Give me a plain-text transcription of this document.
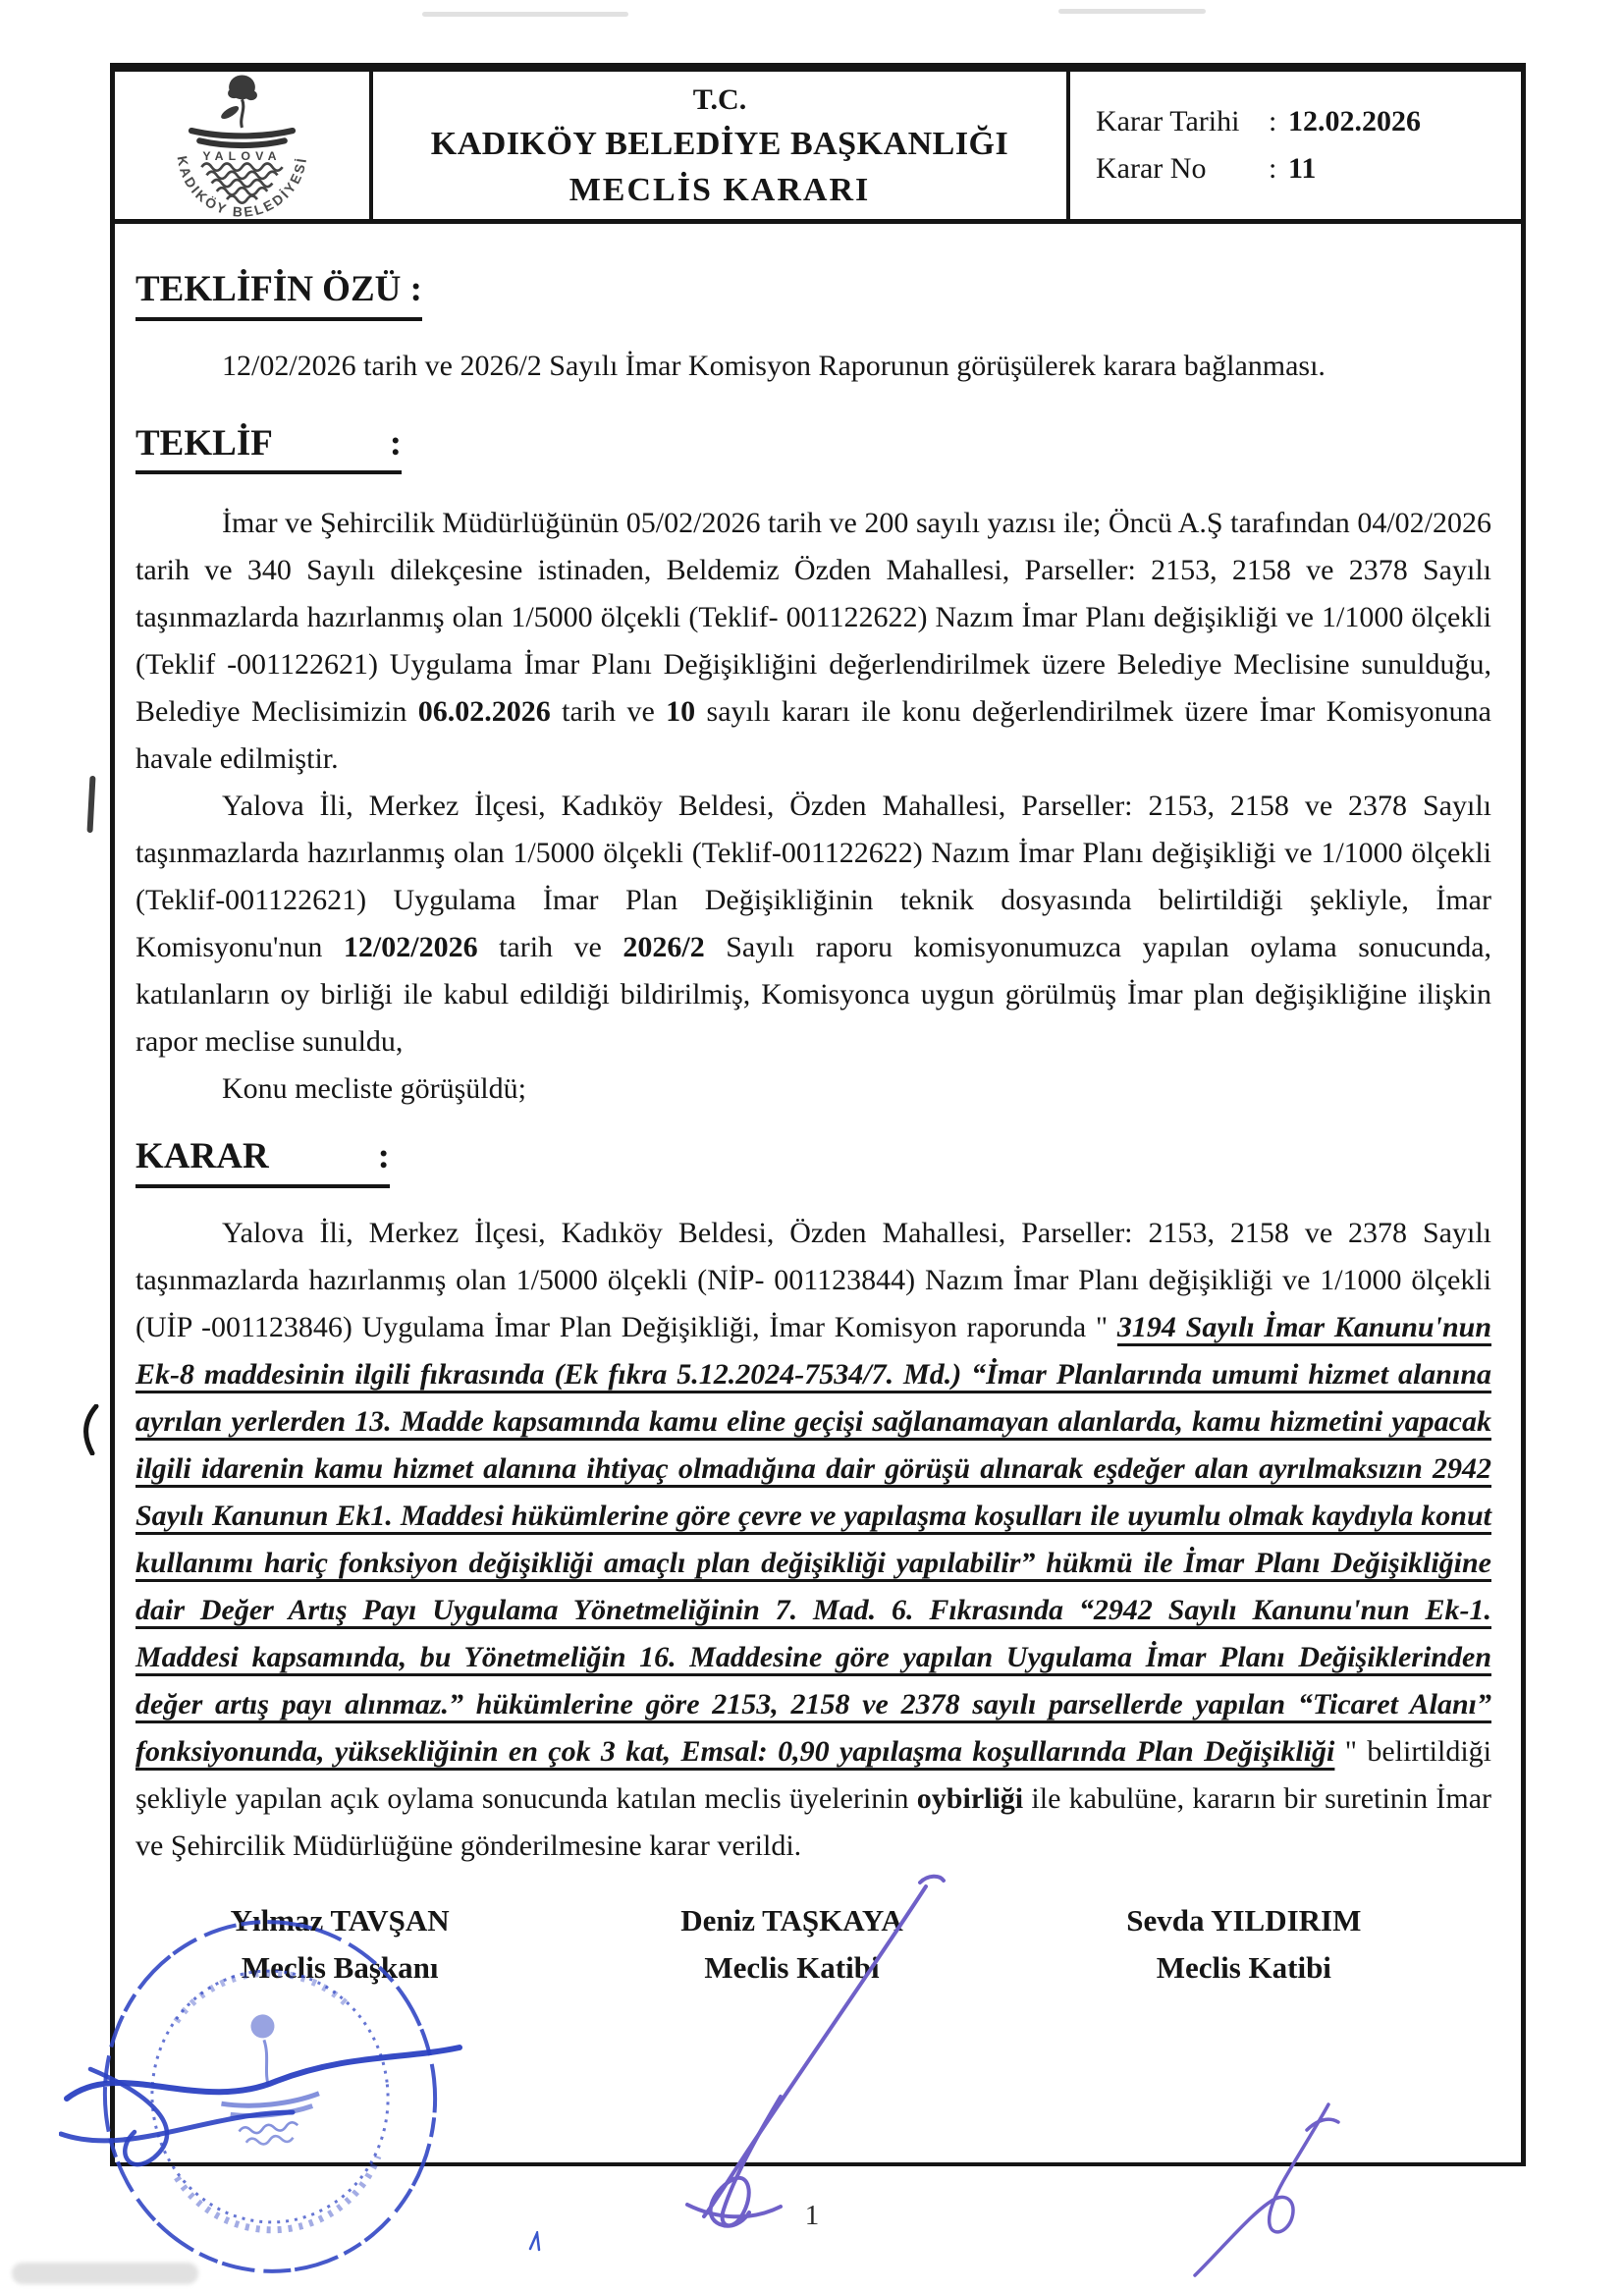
YALOVA
KADIKÖY BELEDİYESİ
T.C.
KADIKÖY BELEDİYE BAŞKANLIĞI
MECLİS KARARI
Karar Tarihi : 12.02.2026
Karar No	: 11
TEKLİFİN ÖZÜ :

12/02/2026 tarih ve 2026/2 Sayılı İmar Komisyon Raporunun görüşülerek karara bağlanması.

TEKLİF             :

İmar ve Şehircilik Müdürlüğünün 05/02/2026 tarih ve 200 sayılı yazısı ile; Öncü A.Ş tarafından 04/02/2026 tarih ve 340 Sayılı dilekçesine istinaden, Beldemiz Özden Mahallesi, Parseller: 2153, 2158 ve 2378 Sayılı taşınmazlarda hazırlanmış olan 1/5000 ölçekli (Teklif- 001122622) Nazım İmar Planı değişikliği ve 1/1000 ölçekli (Teklif -001122621) Uygulama İmar Planı Değişikliğini değerlendirilmek üzere Belediye Meclisine sunulduğu, Belediye Meclisimizin 06.02.2026 tarih ve 10 sayılı kararı ile konu değerlendirilmek üzere İmar Komisyonuna havale edilmiştir.

Yalova İli, Merkez İlçesi, Kadıköy Beldesi, Özden Mahallesi, Parseller: 2153, 2158 ve 2378 Sayılı taşınmazlarda hazırlanmış olan 1/5000 ölçekli (Teklif-001122622) Nazım İmar Planı değişikliği ve 1/1000 ölçekli (Teklif-001122621) Uygulama İmar Plan Değişikliğinin teknik dosyasında belirtildiği şekliyle, İmar Komisyonu'nun 12/02/2026 tarih ve 2026/2 Sayılı raporu komisyonumuzca yapılan oylama sonucunda, katılanların oy birliği ile kabul edildiği bildirilmiş, Komisyonca uygun görülmüş İmar plan değişikliğine ilişkin rapor meclise sunuldu,

Konu mecliste görüşüldü;

KARAR            :

Yalova İli, Merkez İlçesi, Kadıköy Beldesi, Özden Mahallesi, Parseller: 2153, 2158 ve 2378 Sayılı taşınmazlarda hazırlanmış olan 1/5000 ölçekli (NİP- 001123844) Nazım İmar Planı değişikliği ve 1/1000 ölçekli (UİP -001123846) Uygulama İmar Plan Değişikliği, İmar Komisyon raporunda " 3194 Sayılı İmar Kanunu'nun Ek-8 maddesinin ilgili fıkrasında (Ek fıkra 5.12.2024-7534/7. Md.) “İmar Planlarında umumi hizmet alanına ayrılan yerlerden 13. Madde kapsamında kamu eline geçişi sağlanamayan alanlarda, kamu hizmetini yapacak ilgili idarenin kamu hizmet alanına ihtiyaç olmadığına dair görüşü alınarak eşdeğer alan ayrılmaksızın 2942 Sayılı Kanunun Ek1. Maddesi hükümlerine göre çevre ve yapılaşma koşulları ile uyumlu olmak kaydıyla konut kullanımı hariç fonksiyon değişikliği amaçlı plan değişikliği yapılabilir” hükmü ile İmar Planı Değişikliğine dair Değer Artış Payı Uygulama Yönetmeliğinin 7. Mad. 6. Fıkrasında “2942 Sayılı Kanunu'nun Ek-1. Maddesi kapsamında, bu Yönetmeliğin 16. Maddesine göre yapılan Uygulama İmar Planı Değişiklerinden değer artış payı alınmaz.” hükümlerine göre 2153, 2158 ve 2378 sayılı parsellerde yapılan “Ticaret Alanı” fonksiyonunda, yüksekliğinin en çok 3 kat, Emsal: 0,90 yapılaşma koşullarında Plan Değişikliği " belirtildiği şekliyle yapılan açık oylama sonucunda katılan meclis üyelerinin oybirliği ile kabulüne, kararın bir suretinin İmar ve Şehircilik Müdürlüğüne gönderilmesine karar verildi.

Yılmaz TAVŞAN
Meclis Başkanı
Deniz TAŞKAYA
Meclis Katibi
Sevda YILDIRIM
Meclis Katibi
1
